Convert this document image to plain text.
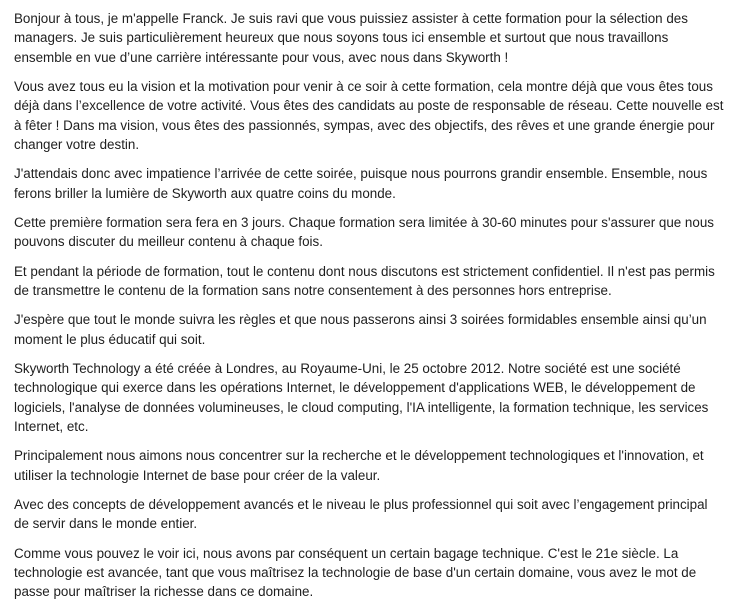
Bonjour à tous, je m'appelle Franck. Je suis ravi que vous puissiez assister à cette formation pour la sélection des managers. Je suis particulièrement heureux que nous soyons tous ici ensemble et surtout que nous travaillons ensemble en vue d’une carrière intéressante pour vous, avec nous dans Skyworth !

Vous avez tous eu la vision et la motivation pour venir à ce soir à cette formation, cela montre déjà que vous êtes tous déjà dans l’excellence de votre activité. Vous êtes des candidats au poste de responsable de réseau. Cette nouvelle est à fêter ! Dans ma vision, vous êtes des passionnés, sympas, avec des objectifs, des rêves et une grande énergie pour changer votre destin.

J'attendais donc avec impatience l’arrivée de cette soirée, puisque nous pourrons grandir ensemble. Ensemble, nous ferons briller la lumière de Skyworth aux quatre coins du monde.

Cette première formation sera fera en 3 jours. Chaque formation sera limitée à 30-60 minutes pour s'assurer que nous pouvons discuter du meilleur contenu à chaque fois.

Et pendant la période de formation, tout le contenu dont nous discutons est strictement confidentiel. Il n'est pas permis de transmettre le contenu de la formation sans notre consentement à des personnes hors entreprise.

J'espère que tout le monde suivra les règles et que nous passerons ainsi 3 soirées formidables ensemble ainsi qu’un moment le plus éducatif qui soit.

Skyworth Technology a été créée à Londres, au Royaume-Uni, le 25 octobre 2012. Notre société est une société technologique qui exerce dans les opérations Internet, le développement d'applications WEB, le développement de logiciels, l'analyse de données volumineuses, le cloud computing, l'IA intelligente, la formation technique, les services Internet, etc.

Principalement nous aimons nous concentrer sur la recherche et le développement technologiques et l'innovation, et utiliser la technologie Internet de base pour créer de la valeur.

Avec des concepts de développement avancés et le niveau le plus professionnel qui soit avec l’engagement principal de servir dans le monde entier.

Comme vous pouvez le voir ici, nous avons par conséquent un certain bagage technique. C'est le 21e siècle. La technologie est avancée, tant que vous maîtrisez la technologie de base d'un certain domaine, vous avez le mot de passe pour maîtriser la richesse dans ce domaine.
